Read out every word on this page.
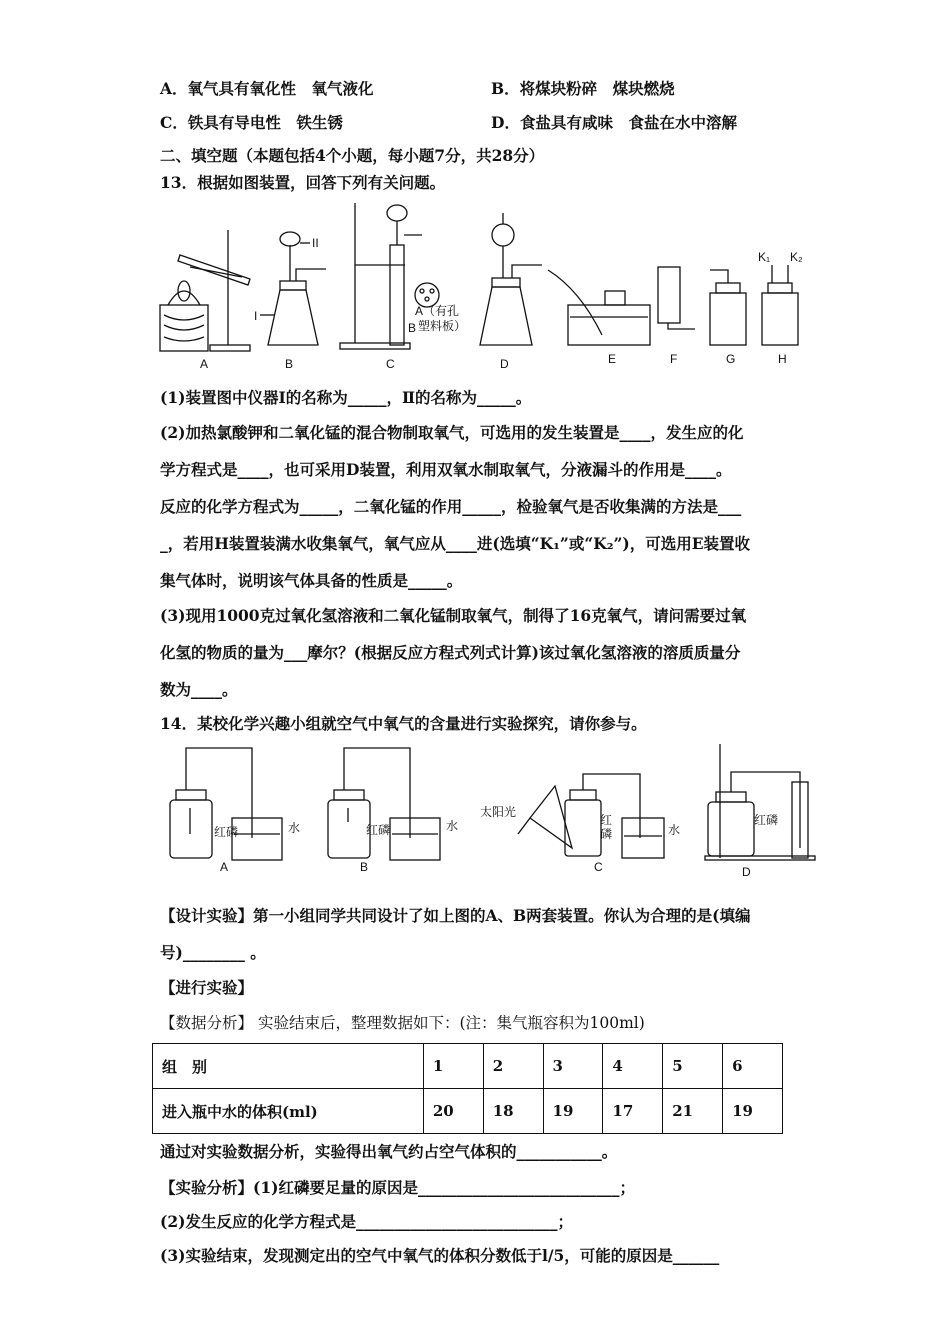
A．氧气具有氧化性　氧气液化	B．将煤块粉碎　煤块燃烧
C．铁具有导电性　铁生锈	D．食盐具有咸味　食盐在水中溶解
二、填空题（本题包括4个小题，每小题7分，共28分）
13．根据如图装置，回答下列有关问题。
A
I
II
B
A（有孔
塑料板）
B
C	D	E	F	G
K₁ K₂
H
(1)装置图中仪器Ⅰ的名称为_____，Ⅱ的名称为_____。
(2)加热氯酸钾和二氧化锰的混合物制取氧气，可选用的发生装置是____，发生应的化
学方程式是____，也可采用D装置，利用双氧水制取氧气，分液漏斗的作用是____。
反应的化学方程式为_____，二氧化锰的作用_____，检验氧气是否收集满的方法是___
_，若用H装置装满水收集氧气，氧气应从____进(选填“K₁”或“K₂”)，可选用E装置收
集气体时，说明该气体具备的性质是_____。
(3)现用1000克过氧化氢溶液和二氧化锰制取氧气，制得了16克氧气，请问需要过氧
化氢的物质的量为___摩尔？(根据反应方程式列式计算)该过氧化氢溶液的溶质质量分
数为____。
14．某校化学兴趣小组就空气中氧气的含量进行实验探究，请你参与。
红磷	水
A
红磷	水
B
太阳光
红
磷	水
C
红磷
D
【设计实验】第一小组同学共同设计了如上图的A、B两套装置。你认为合理的是(填编
号)________ 。
【进行实验】
【数据分析】 实验结束后，整理数据如下：(注：集气瓶容积为100ml)
组　别	1	2	3	4	5	6
进入瓶中水的体积(ml)	20	18	19	17	21	19
通过对实验数据分析，实验得出氧气约占空气体积的___________。
【实验分析】(1)红磷要足量的原因是__________________________；
(2)发生反应的化学方程式是__________________________；
(3)实验结束，发现测定出的空气中氧气的体积分数低于l/5，可能的原因是______
